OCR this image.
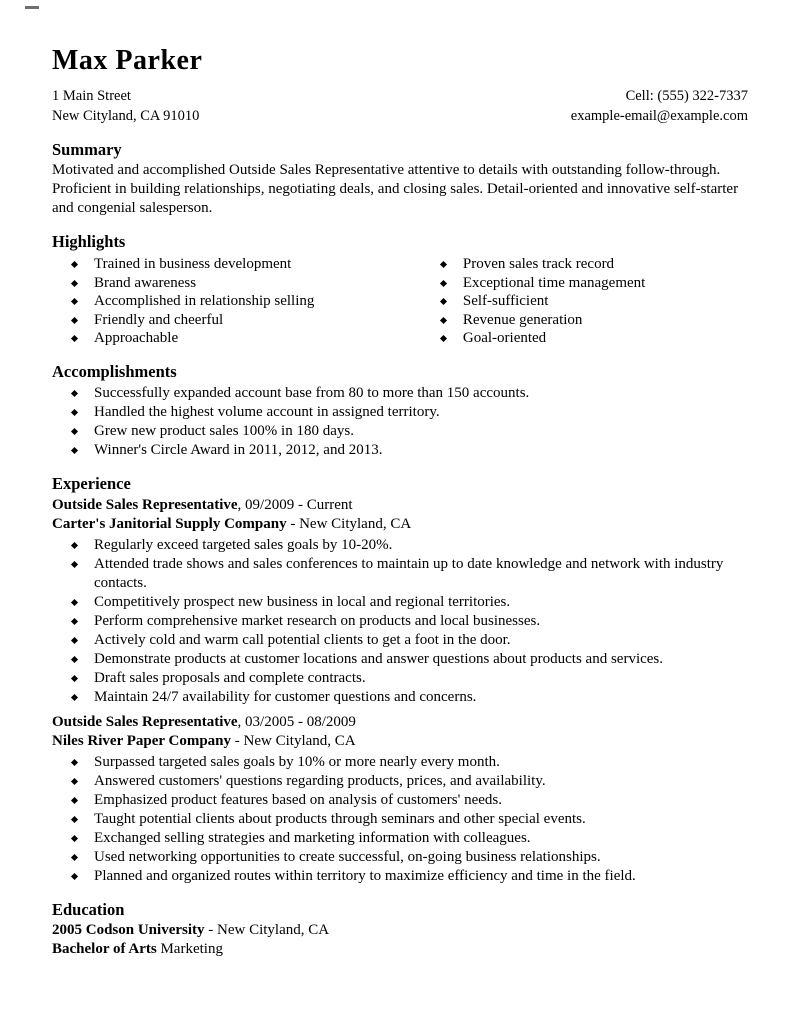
Max Parker
1 Main Street
New Cityland, CA 91010
Cell: (555) 322-7337
example-email@example.com
Summary

Motivated and accomplished Outside Sales Representative attentive to details with outstanding follow-through. Proficient in building relationships, negotiating deals, and closing sales. Detail-oriented and innovative self-starter and congenial salesperson.

Highlights
Trained in business development
Brand awareness
Accomplished in relationship selling
Friendly and cheerful
Approachable
Proven sales track record
Exceptional time management
Self-sufficient
Revenue generation
Goal-oriented
Accomplishments
Successfully expanded account base from 80 to more than 150 accounts.
Handled the highest volume account in assigned territory.
Grew new product sales 100% in 180 days.
Winner's Circle Award in 2011, 2012, and 2013.
Experience
Outside Sales Representative, 09/2009 - Current
Carter's Janitorial Supply Company - New Cityland, CA
Regularly exceed targeted sales goals by 10-20%.
Attended trade shows and sales conferences to maintain up to date knowledge and network with industry contacts.
Competitively prospect new business in local and regional territories.
Perform comprehensive market research on products and local businesses.
Actively cold and warm call potential clients to get a foot in the door.
Demonstrate products at customer locations and answer questions about products and services.
Draft sales proposals and complete contracts.
Maintain 24/7 availability for customer questions and concerns.
Outside Sales Representative, 03/2005 - 08/2009
Niles River Paper Company - New Cityland, CA
Surpassed targeted sales goals by 10% or more nearly every month.
Answered customers' questions regarding products, prices, and availability.
Emphasized product features based on analysis of customers' needs.
Taught potential clients about products through seminars and other special events.
Exchanged selling strategies and marketing information with colleagues.
Used networking opportunities to create successful, on-going business relationships.
Planned and organized routes within territory to maximize efficiency and time in the field.
Education
2005 Codson University - New Cityland, CA
Bachelor of Arts Marketing
